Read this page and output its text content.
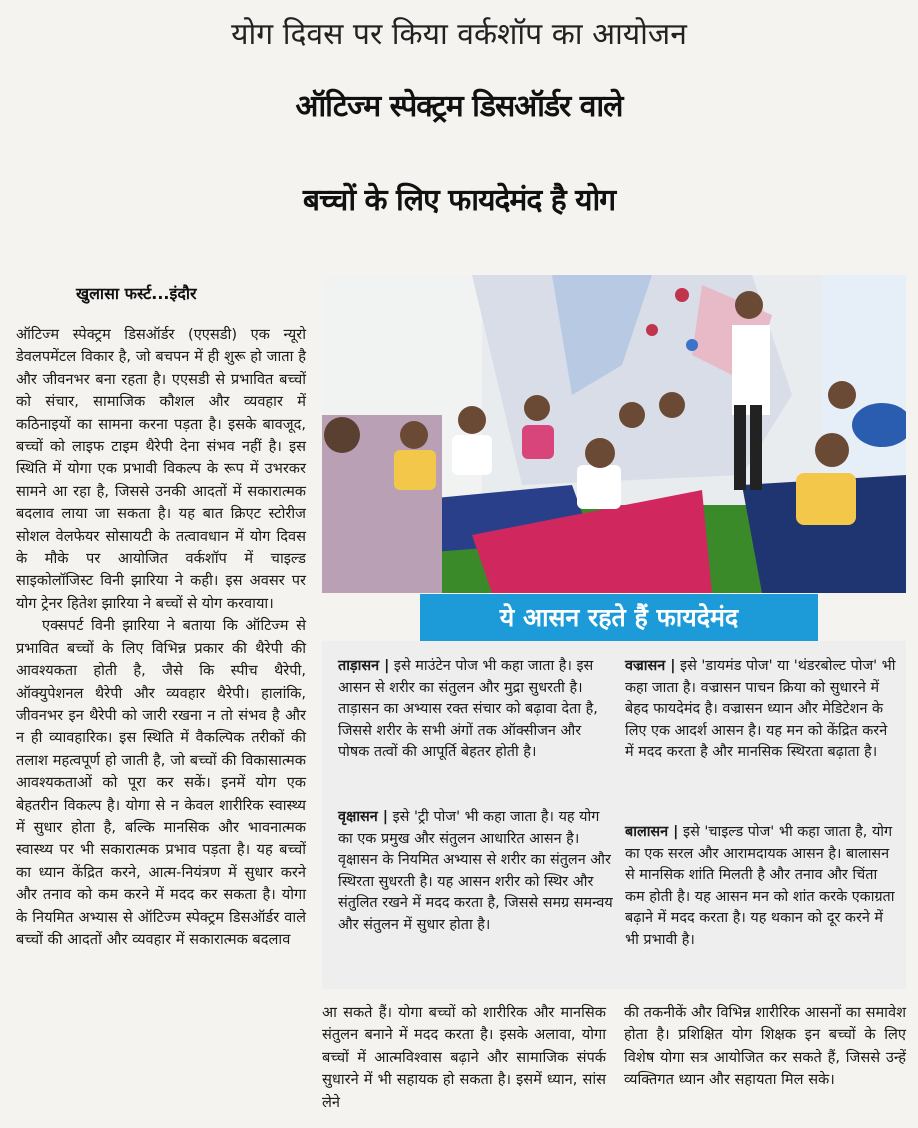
योग दिवस पर किया वर्कशॉप का आयोजन
ऑटिज्म स्पेक्ट्रम डिसऑर्डर वाले
बच्चों के लिए फायदेमंद है योग
खुलासा फर्स्ट...इंदौर

ऑटिज्म स्पेक्ट्रम डिसऑर्डर (एएसडी) एक न्यूरो डेवलपमेंटल विकार है, जो बचपन में ही शुरू हो जाता है और जीवनभर बना रहता है। एएसडी से प्रभावित बच्चों को संचार, सामाजिक कौशल और व्यवहार में कठिनाइयों का सामना करना पड़ता है। इसके बावजूद, बच्चों को लाइफ टाइम थैरेपी देना संभव नहीं है। इस स्थिति में योगा एक प्रभावी विकल्प के रूप में उभरकर सामने आ रहा है, जिससे उनकी आदतों में सकारात्मक बदलाव लाया जा सकता है। यह बात क्रिएट स्टोरीज सोशल वेलफेयर सोसायटी के तत्वावधान में योग दिवस के मौके पर आयोजित वर्कशॉप में चाइल्ड साइकोलॉजिस्ट विनी झारिया ने कही। इस अवसर पर योग ट्रेनर हितेश झारिया ने बच्चों से योग करवाया।

एक्सपर्ट विनी झारिया ने बताया कि ऑटिज्म से प्रभावित बच्चों के लिए विभिन्न प्रकार की थैरेपी की आवश्यकता होती है, जैसे कि स्पीच थैरेपी, ऑक्युपेशनल थैरेपी और व्यवहार थैरेपी। हालांकि, जीवनभर इन थैरेपी को जारी रखना न तो संभव है और न ही व्यावहारिक। इस स्थिति में वैकल्पिक तरीकों की तलाश महत्वपूर्ण हो जाती है, जो बच्चों की विकासात्मक आवश्यकताओं को पूरा कर सकें। इनमें योग एक बेहतरीन विकल्प है। योगा से न केवल शारीरिक स्वास्थ्य में सुधार होता है, बल्कि मानसिक और भावनात्मक स्वास्थ्य पर भी सकारात्मक प्रभाव पड़ता है। यह बच्चों का ध्यान केंद्रित करने, आत्म-नियंत्रण में सुधार करने और तनाव को कम करने में मदद कर सकता है। योगा के नियमित अभ्यास से ऑटिज्म स्पेक्ट्रम डिसऑर्डर वाले बच्चों की आदतों और व्यवहार में सकारात्मक बदलाव

ये आसन रहते हैं फायदेमंद
ताड़ासन | इसे माउंटेन पोज भी कहा जाता है। इस आसन से शरीर का संतुलन और मुद्रा सुधरती है। ताड़ासन का अभ्यास रक्त संचार को बढ़ावा देता है, जिससे शरीर के सभी अंगों तक ऑक्सीजन और पोषक तत्वों की आपूर्ति बेहतर होती है।
वृक्षासन | इसे 'ट्री पोज' भी कहा जाता है। यह योग का एक प्रमुख और संतुलन आधारित आसन है। वृक्षासन के नियमित अभ्यास से शरीर का संतुलन और स्थिरता सुधरती है। यह आसन शरीर को स्थिर और संतुलित रखने में मदद करता है, जिससे समग्र समन्वय और संतुलन में सुधार होता है।
वज्रासन | इसे 'डायमंड पोज' या 'थंडरबोल्ट पोज' भी कहा जाता है। वज्रासन पाचन क्रिया को सुधारने में बेहद फायदेमंद है। वज्रासन ध्यान और मेडिटेशन के लिए एक आदर्श आसन है। यह मन को केंद्रित करने में मदद करता है और मानसिक स्थिरता बढ़ाता है।
बालासन | इसे 'चाइल्ड पोज' भी कहा जाता है, योग का एक सरल और आरामदायक आसन है। बालासन से मानसिक शांति मिलती है और तनाव और चिंता कम होती है। यह आसन मन को शांत करके एकाग्रता बढ़ाने में मदद करता है। यह थकान को दूर करने में भी प्रभावी है।
आ सकते हैं। योगा बच्चों को शारीरिक और मानसिक संतुलन बनाने में मदद करता है। इसके अलावा, योगा बच्चों में आत्मविश्वास बढ़ाने और सामाजिक संपर्क सुधारने में भी सहायक हो सकता है। इसमें ध्यान, सांस लेने
की तकनीकें और विभिन्न शारीरिक आसनों का समावेश होता है। प्रशिक्षित योग शिक्षक इन बच्चों के लिए विशेष योगा सत्र आयोजित कर सकते हैं, जिससे उन्हें व्यक्तिगत ध्यान और सहायता मिल सके।
